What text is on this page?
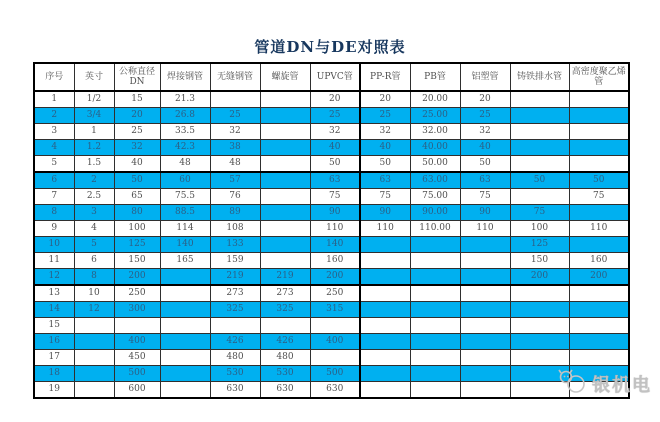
管道DN与DE对照表
序号	英寸	公称直径DN	焊接钢管	无缝钢管	螺旋管	UPVC管	PP-R管	PB管	铝塑管	铸铁排水管	高密度聚乙烯管
1	1/2	15	21.3			20	20	20.00	20		
2	3/4	20	26.8	25		25	25	25.00	25		
3	1	25	33.5	32		32	32	32.00	32		
4	1.2	32	42.3	38		40	40	40.00	40		
5	1.5	40	48	48		50	50	50.00	50		
6	2	50	60	57		63	63	63.00	63	50	50
7	2.5	65	75.5	76		75	75	75.00	75		75
8	3	80	88.5	89		90	90	90.00	90	75	
9	4	100	114	108		110	110	110.00	110	100	110
10	5	125	140	133		140				125	
11	6	150	165	159		160				150	160
12	8	200		219	219	200				200	200
13	10	250		273	273	250					
14	12	300		325	325	315					
15											
16		400		426	426	400					
17		450		480	480						
18		500		530	530	500					
19		600		630	630	630						银机电
